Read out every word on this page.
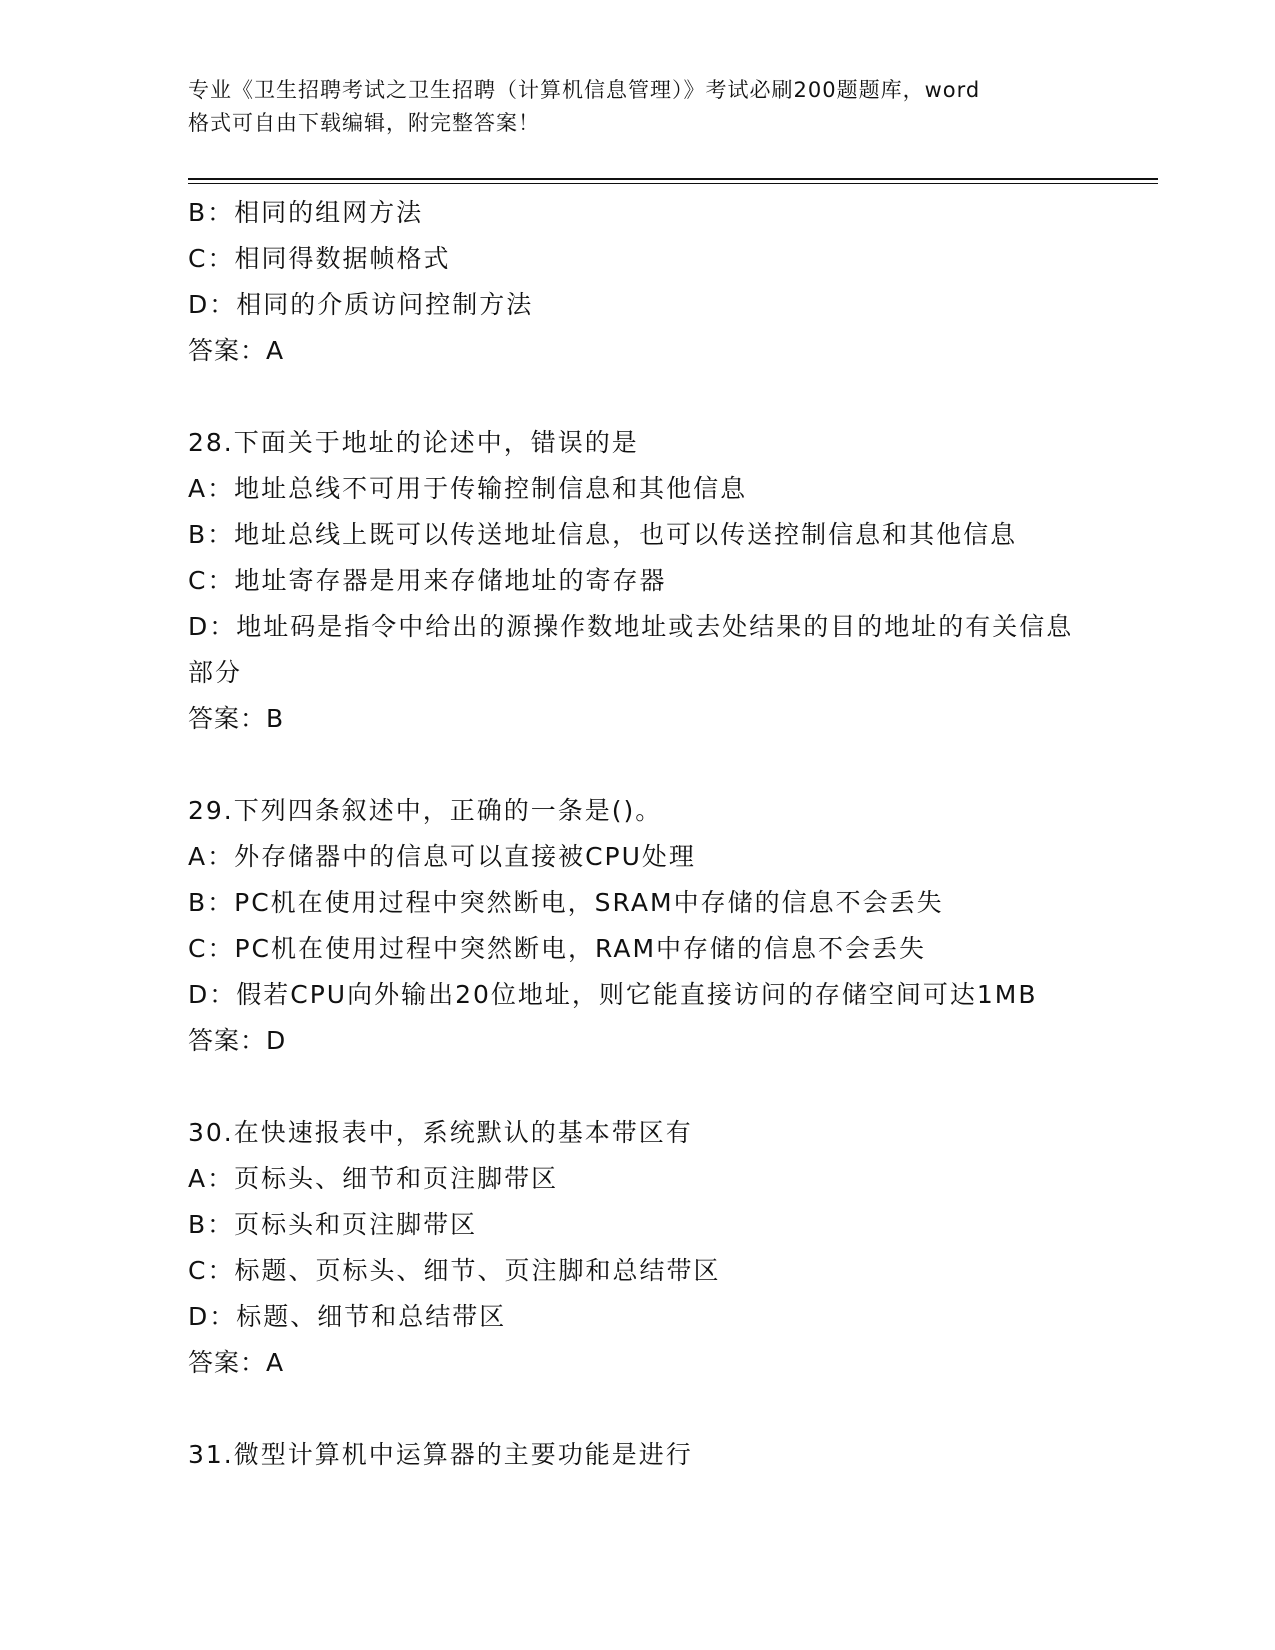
专业《卫生招聘考试之卫生招聘（计算机信息管理）》考试必刷200题题库，word
格式可自由下载编辑，附完整答案！
B：相同的组网方法
C：相同得数据帧格式
D：相同的介质访问控制方法
答案：A
28.下面关于地址的论述中，错误的是
A：地址总线不可用于传输控制信息和其他信息
B：地址总线上既可以传送地址信息，也可以传送控制信息和其他信息
C：地址寄存器是用来存储地址的寄存器
D：地址码是指令中给出的源操作数地址或去处结果的目的地址的有关信息部分
答案：B
29.下列四条叙述中，正确的一条是()。
A：外存储器中的信息可以直接被CPU处理
B：PC机在使用过程中突然断电，SRAM中存储的信息不会丢失
C：PC机在使用过程中突然断电，RAM中存储的信息不会丢失
D：假若CPU向外输出20位地址，则它能直接访问的存储空间可达1MB
答案：D
30.在快速报表中，系统默认的基本带区有
A：页标头、细节和页注脚带区
B：页标头和页注脚带区
C：标题、页标头、细节、页注脚和总结带区
D：标题、细节和总结带区
答案：A
31.微型计算机中运算器的主要功能是进行
